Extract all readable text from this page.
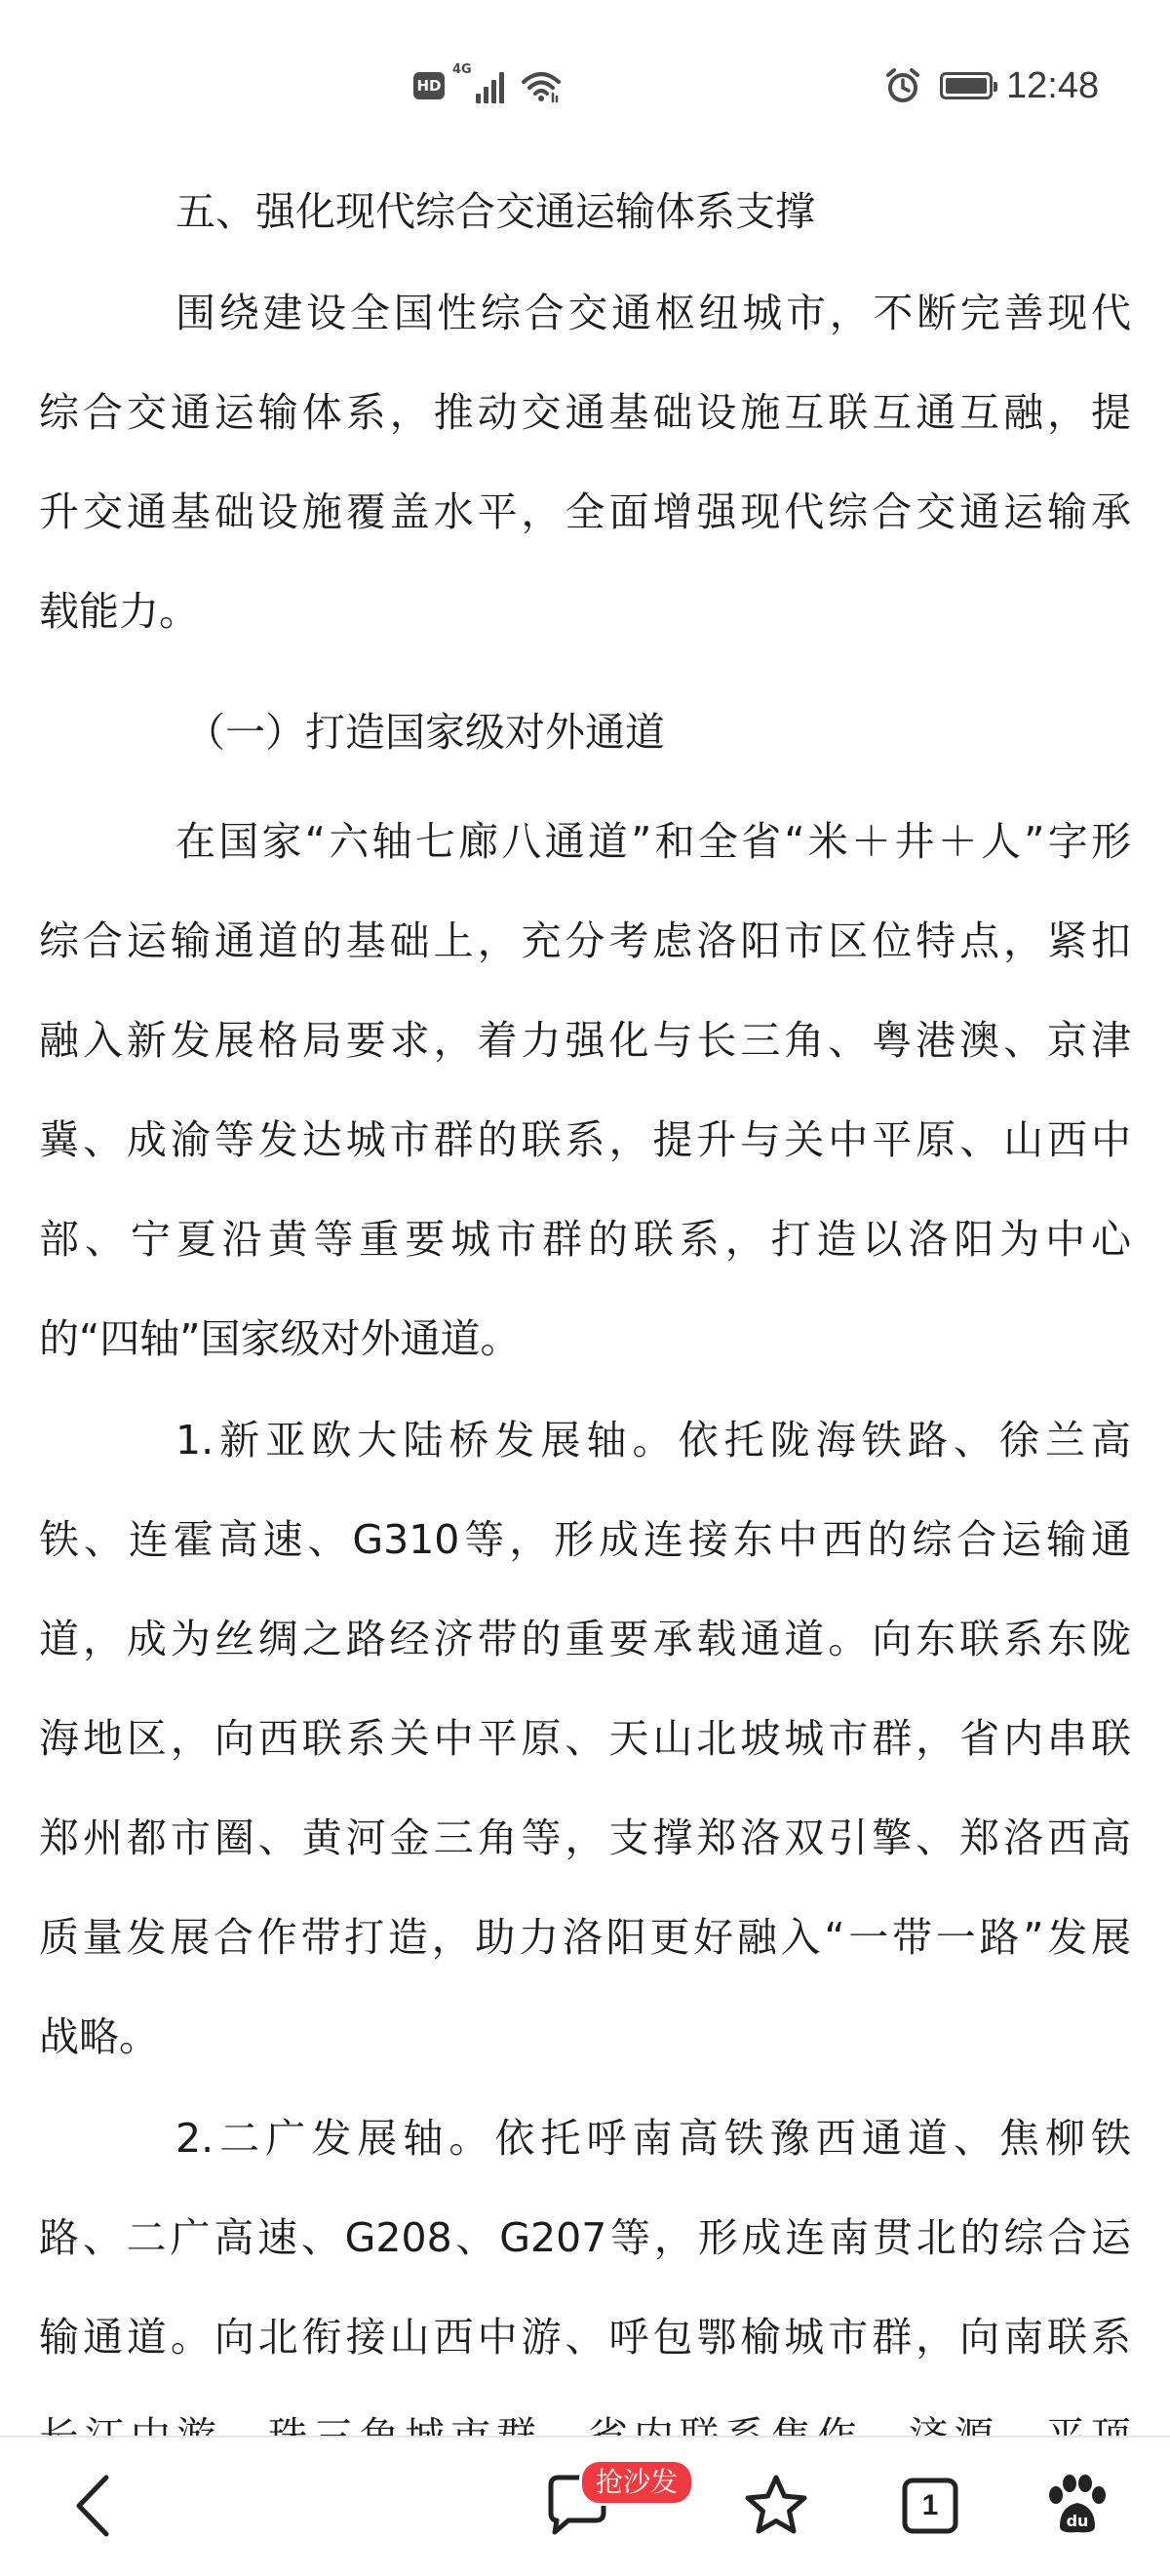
HD
4G	12:48
五、强化现代综合交通运输体系支撑
围绕建设全国性综合交通枢纽城市，不断完善现代
综合交通运输体系，推动交通基础设施互联互通互融，提
升交通基础设施覆盖水平，全面增强现代综合交通运输承
载能力。
（一）打造国家级对外通道
在国家“六轴七廊八通道”和全省“米＋井＋人”字形
综合运输通道的基础上，充分考虑洛阳市区位特点，紧扣
融入新发展格局要求，着力强化与长三角、粤港澳、京津
冀、成渝等发达城市群的联系，提升与关中平原、山西中
部、宁夏沿黄等重要城市群的联系，打造以洛阳为中心
的“四轴”国家级对外通道。
1.新亚欧大陆桥发展轴。依托陇海铁路、徐兰高
铁、连霍高速、G310等，形成连接东中西的综合运输通
道，成为丝绸之路经济带的重要承载通道。向东联系东陇
海地区，向西联系关中平原、天山北坡城市群，省内串联
郑州都市圈、黄河金三角等，支撑郑洛双引擎、郑洛西高
质量发展合作带打造，助力洛阳更好融入“一带一路”发展
战略。
2.二广发展轴。依托呼南高铁豫西通道、焦柳铁
路、二广高速、G208、G207等，形成连南贯北的综合运
输通道。向北衔接山西中游、呼包鄂榆城市群，向南联系
1	du
抢沙发
